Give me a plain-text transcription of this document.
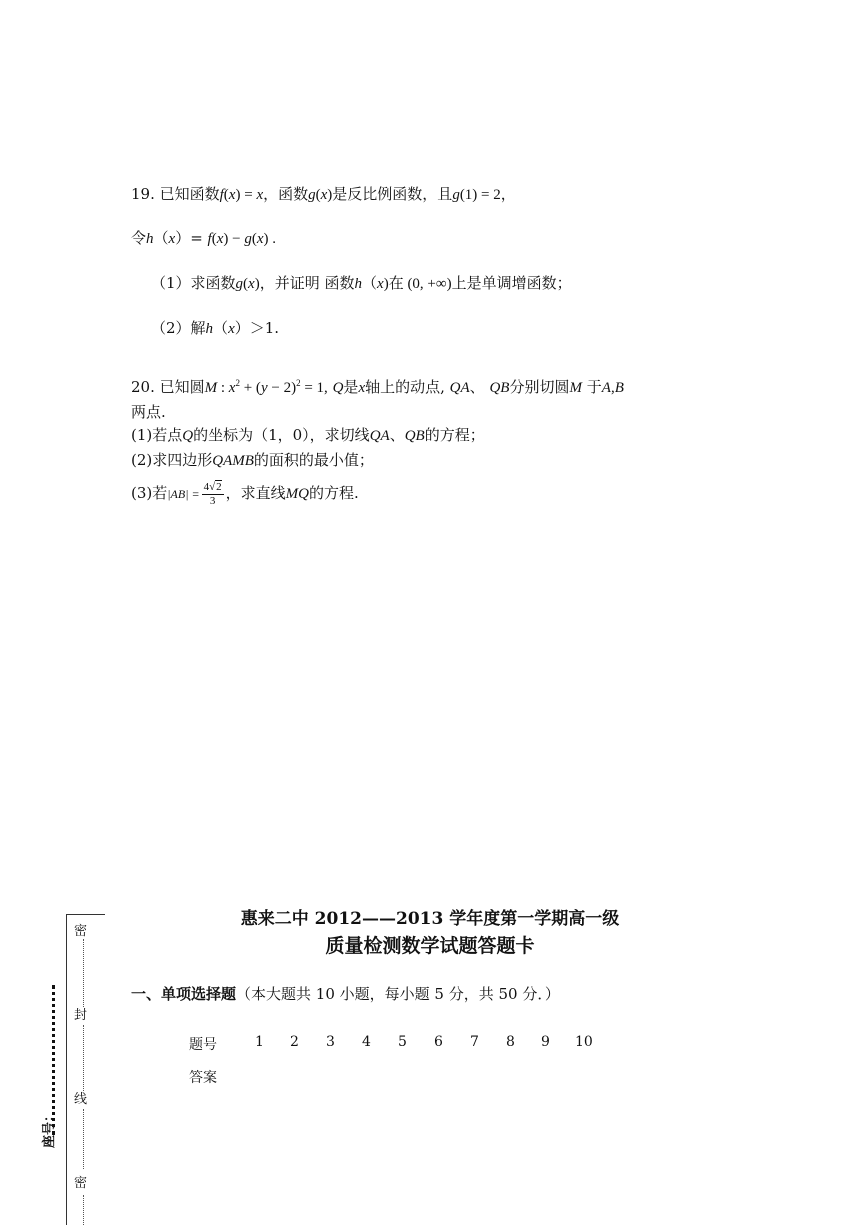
19. 已知函数f(x) = x，函数g(x)是反比例函数，且g(1) = 2，
令h（x）= f(x) − g(x) .
（1）求函数g(x)，并证明 函数h（x)在 (0, +∞)上是单调增函数；
（2）解h（x）＞1.
20. 已知圆M : $x^2 + (y - 2)^2 = 1$, Q是x轴上的动点, QA、 QB分别切圆M 于A,B
两点.
(1)若点Q的坐标为（1，0），求切线QA、QB的方程；
(2)求四边形QAMB的面积的最小值；
(3)若$|AB| = \frac{4√2}{3}$ ，求直线MQ的方程.
惠来二中 2012——2013 学年度第一学期高一级
质量检测数学试题答题卡
一、单项选择题（本大题共 10 小题，每小题 5 分，共 50 分．）
题号	1 2 3 4 5 6 7 8 9 10
答案
密
封
线
密
座号：
